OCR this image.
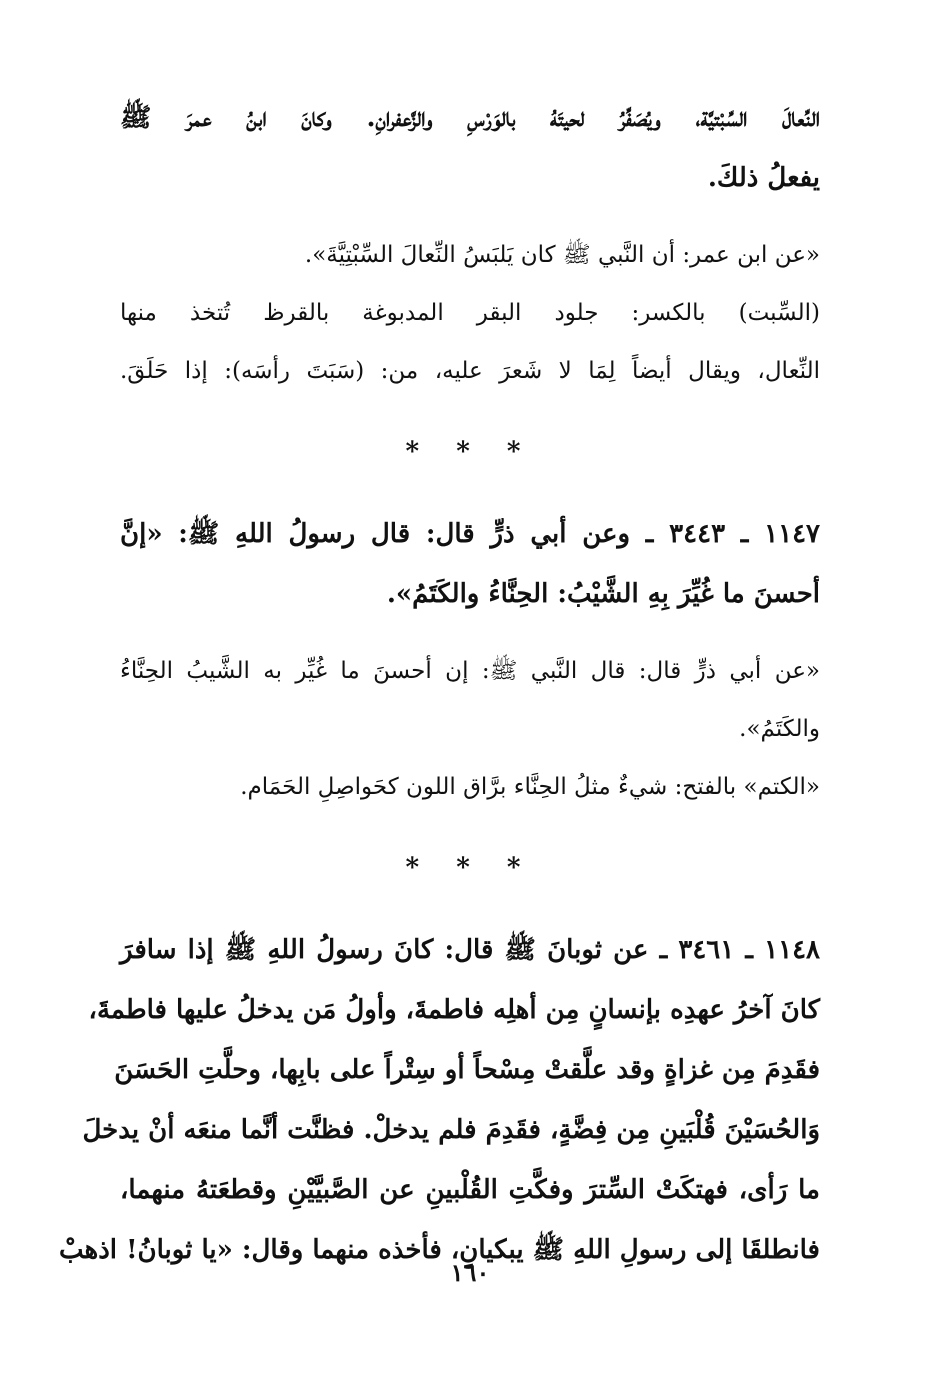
النِّعالَ السِّبْتيَّة، ويُصَفِّرُ لحيتَهُ بالوَرْسِ والزَّعفرانِ. وكانَ ابنُ عمرَ ﷺ
يفعلُ ذلكَ.
«عن ابن عمر: أن النَّبي ﷺ كان يَلبَسُ النِّعالَ السِّبْتِيَّةَ».
(السِّبت) بالكسر: جلود البقر المدبوغة بالقرظ تُتخذ منها
النِّعال، ويقال أيضاً لِمَا لا شَعرَ عليه، من: (سَبَتَ رأسَه): إذا حَلَقَ.
* * *
١١٤٧ ـ ٣٤٤٣ ـ وعن أبي ذرٍّ قال: قال رسولُ اللهِ ﷺ: «إنَّ
أحسنَ ما غُيِّرَ بِهِ الشَّيْبُ: الحِنَّاءُ والكَتَمُ».
«عن أبي ذرٍّ قال: قال النَّبي ﷺ: إن أحسنَ ما غُيِّر به الشَّيبُ الحِنَّاءُ
والكَتَمُ».
«الكتم» بالفتح: شيءٌ مثلُ الحِنَّاء برَّاق اللون كحَواصِلِ الحَمَام.
* * *
١١٤٨ ـ ٣٤٦١ ـ عن ثوبانَ ﷺ قال: كانَ رسولُ اللهِ ﷺ إذا سافرَ
كانَ آخرُ عهدِه بإنسانٍ مِن أهلِه فاطمةَ، وأولُ مَن يدخلُ عليها فاطمةَ،
فقَدِمَ مِن غزاةٍ وقد علَّقتْ مِسْحاً أو سِتْراً على بابِها، وحلَّتِ الحَسَنَ
وَالحُسَيْنَ قُلْبَينِ مِن فِضَّةٍ، فقَدِمَ فلم يدخلْ. فظنَّت أنَّما منعَه أنْ يدخلَ
ما رَأى، فهتكَتْ السِّترَ وفكَّتِ القُلْبينِ عن الصَّبيَّيْنِ وقطعَتهُ منهما،
فانطلقَا إلى رسولِ اللهِ ﷺ يبكيانِ، فأخذه منهما وقال: «يا ثوبانُ! اذهبْ
١٦٠
